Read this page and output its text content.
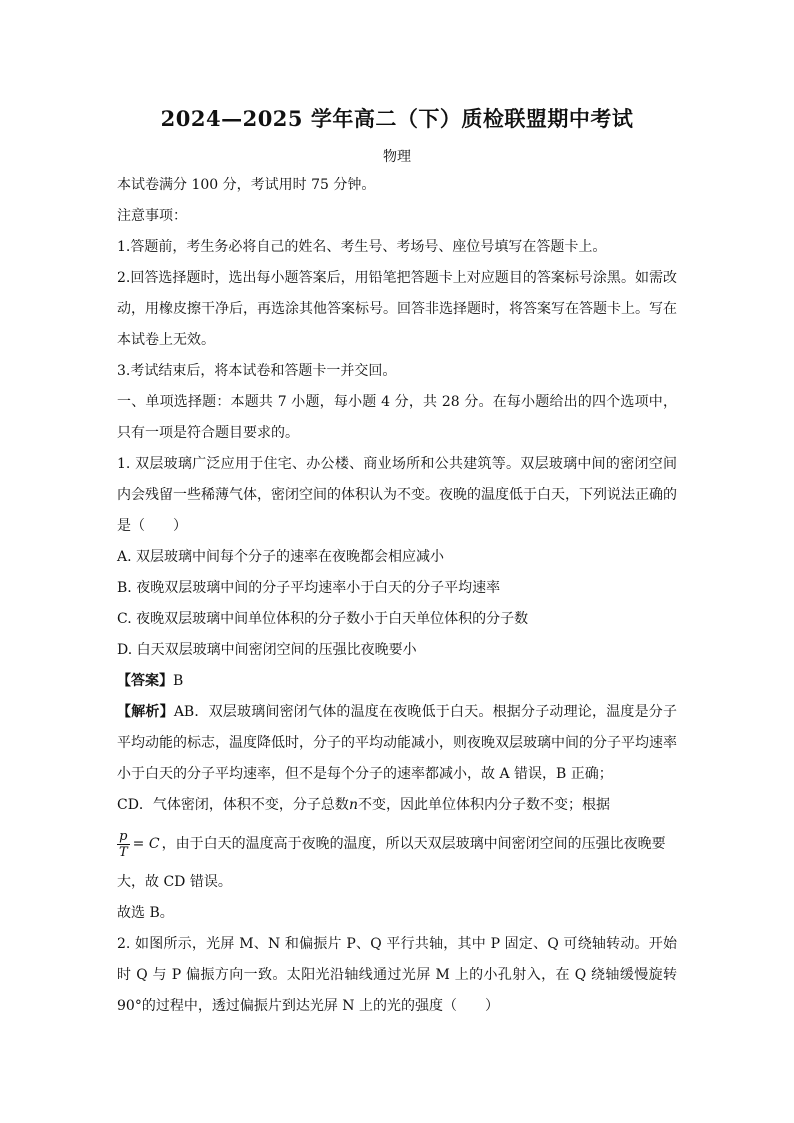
2024—2025 学年高二（下）质检联盟期中考试
物理
本试卷满分 100 分，考试用时 75 分钟。
注意事项：
1.答题前，考生务必将自己的姓名、考生号、考场号、座位号填写在答题卡上。
2.回答选择题时，选出每小题答案后，用铅笔把答题卡上对应题目的答案标号涂黑。如需改动，用橡皮擦干净后，再选涂其他答案标号。回答非选择题时，将答案写在答题卡上。写在本试卷上无效。
3.考试结束后，将本试卷和答题卡一并交回。
一、单项选择题：本题共 7 小题，每小题 4 分，共 28 分。在每小题给出的四个选项中，只有一项是符合题目要求的。
1. 双层玻璃广泛应用于住宅、办公楼、商业场所和公共建筑等。双层玻璃中间的密闭空间内会残留一些稀薄气体，密闭空间的体积认为不变。夜晚的温度低于白天，下列说法正确的是（　　）
A. 双层玻璃中间每个分子的速率在夜晚都会相应减小
B. 夜晚双层玻璃中间的分子平均速率小于白天的分子平均速率
C. 夜晚双层玻璃中间单位体积的分子数小于白天单位体积的分子数
D. 白天双层玻璃中间密闭空间的压强比夜晚要小
【答案】B
【解析】AB．双层玻璃间密闭气体的温度在夜晚低于白天。根据分子动理论，温度是分子平均动能的标志，温度降低时，分子的平均动能减小，则夜晚双层玻璃中间的分子平均速率小于白天的分子平均速率，但不是每个分子的速率都减小，故 A 错误，B 正确；
CD．气体密闭，体积不变，分子总数n不变，因此单位体积内分子数不变；根据
$\frac{p}{T} = C$ ，由于白天的温度高于夜晚的温度，所以天双层玻璃中间密闭空间的压强比夜晚要
大，故 CD 错误。
故选 B。
2. 如图所示，光屏 M、N 和偏振片 P、Q 平行共轴，其中 P 固定、Q 可绕轴转动。开始时 Q 与 P 偏振方向一致。太阳光沿轴线通过光屏 M 上的小孔射入，在 Q 绕轴缓慢旋转 90°的过程中，透过偏振片到达光屏 N 上的光的强度（　　）
